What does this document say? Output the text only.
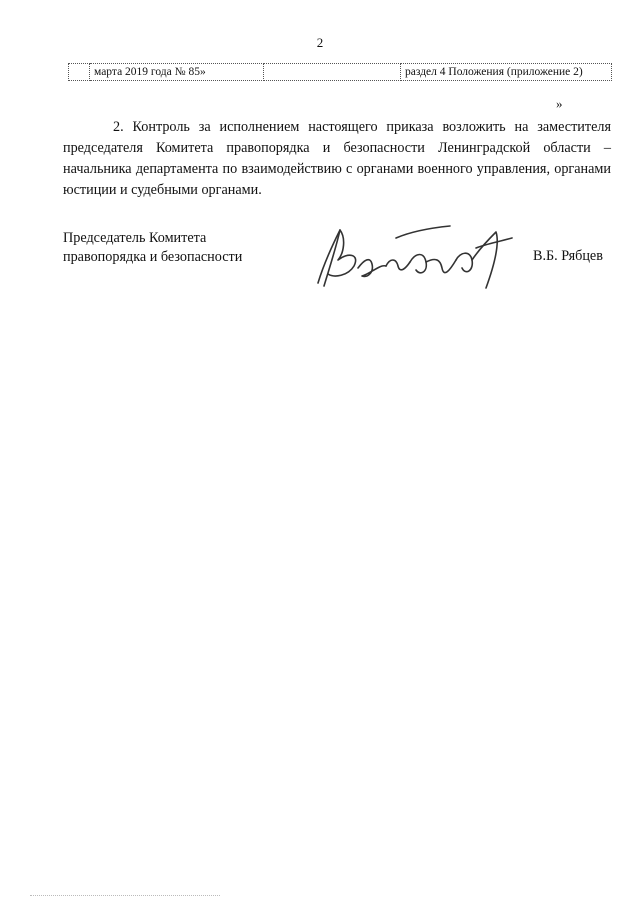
2
	марта 2019 года № 85»		раздел 4 Положения (приложение 2)
»

2. Контроль за исполнением настоящего приказа возложить на заместителя председателя Комитета правопорядка и безопасности Ленинградской области – начальника департамента по взаимодействию с органами военного управления, органами юстиции и судебными органами.

Председатель Комитета
правопорядка и безопасности	В.Б. Рябцев
